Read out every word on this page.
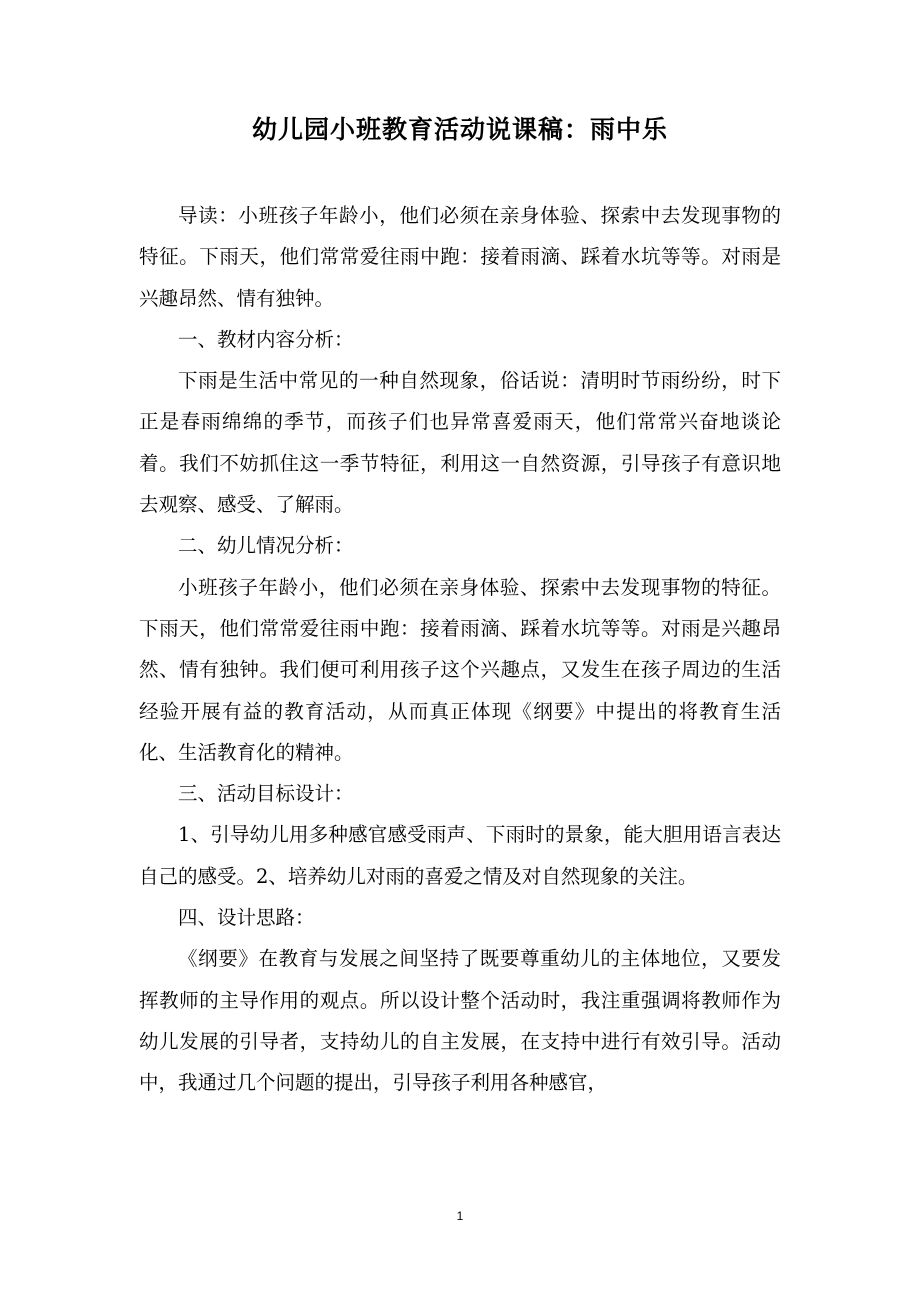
幼儿园小班教育活动说课稿：雨中乐

导读：小班孩子年龄小，他们必须在亲身体验、探索中去发现事物的特征。下雨天，他们常常爱往雨中跑：接着雨滴、踩着水坑等等。对雨是兴趣昂然、情有独钟。

一、教材内容分析：

下雨是生活中常见的一种自然现象，俗话说：清明时节雨纷纷，时下正是春雨绵绵的季节，而孩子们也异常喜爱雨天，他们常常兴奋地谈论着。我们不妨抓住这一季节特征，利用这一自然资源，引导孩子有意识地去观察、感受、了解雨。

二、幼儿情况分析：

小班孩子年龄小，他们必须在亲身体验、探索中去发现事物的特征。下雨天，他们常常爱往雨中跑：接着雨滴、踩着水坑等等。对雨是兴趣昂然、情有独钟。我们便可利用孩子这个兴趣点，又发生在孩子周边的生活经验开展有益的教育活动，从而真正体现《纲要》中提出的将教育生活化、生活教育化的精神。

三、活动目标设计：

1、引导幼儿用多种感官感受雨声、下雨时的景象，能大胆用语言表达自己的感受。2、培养幼儿对雨的喜爱之情及对自然现象的关注。

四、设计思路：

《纲要》在教育与发展之间坚持了既要尊重幼儿的主体地位，又要发挥教师的主导作用的观点。所以设计整个活动时，我注重强调将教师作为幼儿发展的引导者，支持幼儿的自主发展，在支持中进行有效引导。活动中，我通过几个问题的提出，引导孩子利用各种感官，

1
